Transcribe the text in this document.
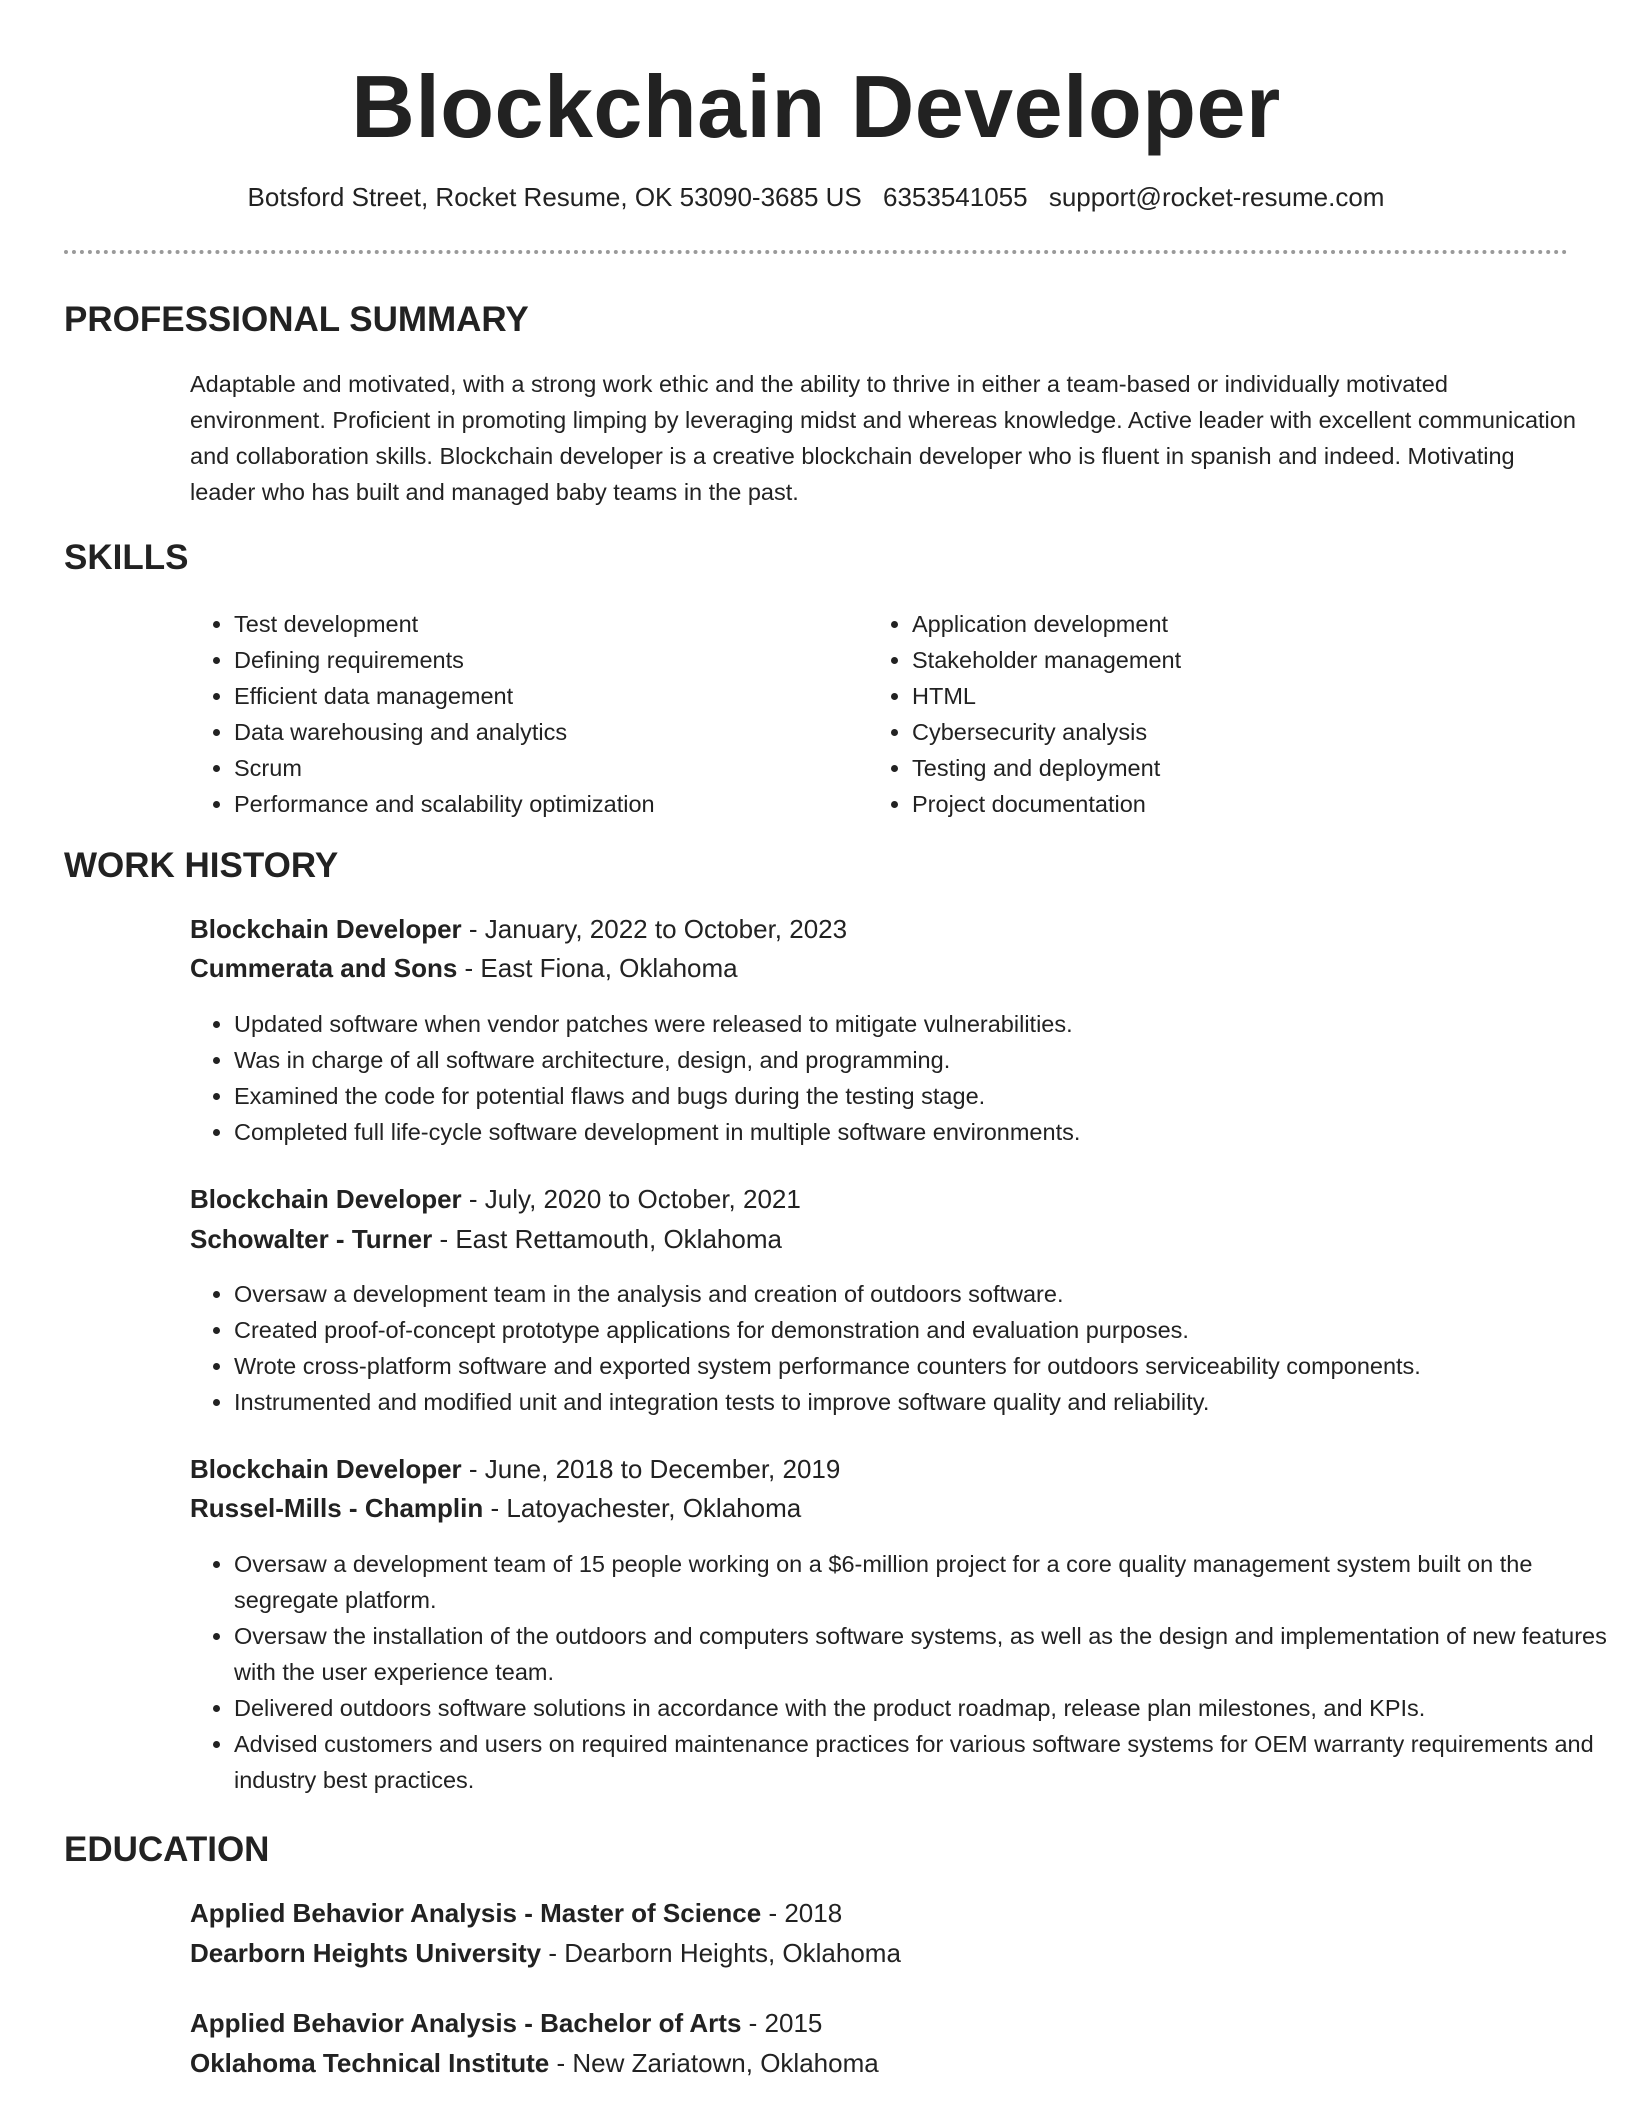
Blockchain Developer
Botsford Street, Rocket Resume, OK 53090-3685 US 6353541055 support@rocket-resume.com
PROFESSIONAL SUMMARY
Adaptable and motivated, with a strong work ethic and the ability to thrive in either a team-based or individually motivated environment. Proficient in promoting limping by leveraging midst and whereas knowledge. Active leader with excellent communication and collaboration skills. Blockchain developer is a creative blockchain developer who is fluent in spanish and indeed. Motivating leader who has built and managed baby teams in the past.
SKILLS
• Test development
• Defining requirements
• Efficient data management
• Data warehousing and analytics
• Scrum
• Performance and scalability optimization
• Application development
• Stakeholder management
• HTML
• Cybersecurity analysis
• Testing and deployment
• Project documentation
WORK HISTORY
Blockchain Developer - January, 2022 to October, 2023
Cummerata and Sons - East Fiona, Oklahoma
• Updated software when vendor patches were released to mitigate vulnerabilities.
• Was in charge of all software architecture, design, and programming.
• Examined the code for potential flaws and bugs during the testing stage.
• Completed full life-cycle software development in multiple software environments.
Blockchain Developer - July, 2020 to October, 2021
Schowalter - Turner - East Rettamouth, Oklahoma
• Oversaw a development team in the analysis and creation of outdoors software.
• Created proof-of-concept prototype applications for demonstration and evaluation purposes.
• Wrote cross-platform software and exported system performance counters for outdoors serviceability components.
• Instrumented and modified unit and integration tests to improve software quality and reliability.
Blockchain Developer - June, 2018 to December, 2019
Russel-Mills - Champlin - Latoyachester, Oklahoma
• Oversaw a development team of 15 people working on a $6-million project for a core quality management system built on the segregate platform.
• Oversaw the installation of the outdoors and computers software systems, as well as the design and implementation of new features with the user experience team.
• Delivered outdoors software solutions in accordance with the product roadmap, release plan milestones, and KPIs.
• Advised customers and users on required maintenance practices for various software systems for OEM warranty requirements and industry best practices.
EDUCATION
Applied Behavior Analysis - Master of Science - 2018
Dearborn Heights University - Dearborn Heights, Oklahoma
Applied Behavior Analysis - Bachelor of Arts - 2015
Oklahoma Technical Institute - New Zariatown, Oklahoma
